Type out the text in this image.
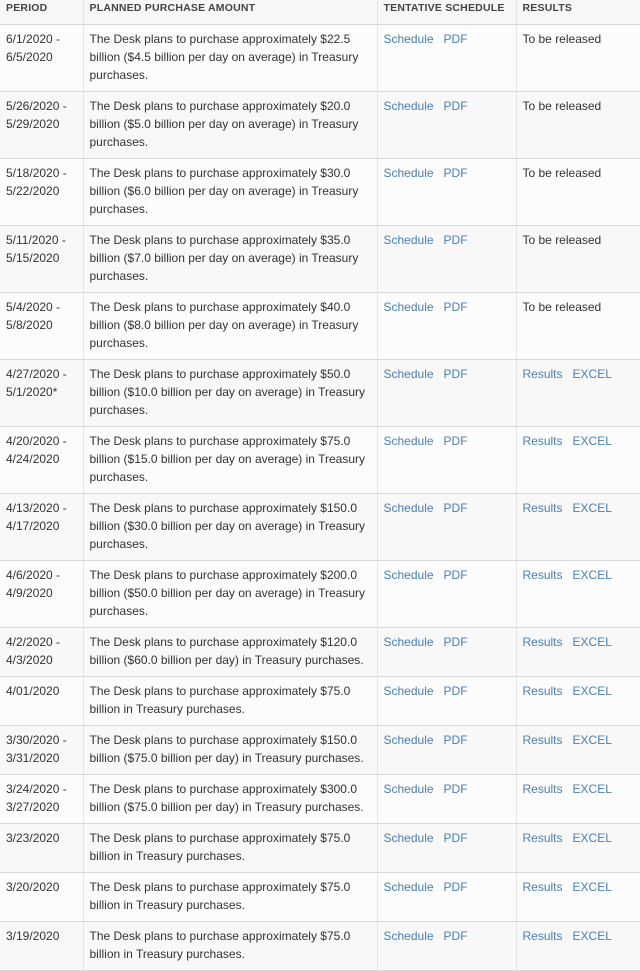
PERIOD	PLANNED PURCHASE AMOUNT	TENTATIVE SCHEDULE	RESULTS
6/1/2020 - 6/5/2020	The Desk plans to purchase approximately $22.5 billion ($4.5 billion per day on average) in Treasury purchases.	Schedule PDF	To be released
5/26/2020 - 5/29/2020	The Desk plans to purchase approximately $20.0 billion ($5.0 billion per day on average) in Treasury purchases.	Schedule PDF	To be released
5/18/2020 - 5/22/2020	The Desk plans to purchase approximately $30.0 billion ($6.0 billion per day on average) in Treasury purchases.	Schedule PDF	To be released
5/11/2020 - 5/15/2020	The Desk plans to purchase approximately $35.0 billion ($7.0 billion per day on average) in Treasury purchases.	Schedule PDF	To be released
5/4/2020 - 5/8/2020	The Desk plans to purchase approximately $40.0 billion ($8.0 billion per day on average) in Treasury purchases.	Schedule PDF	To be released
4/27/2020 - 5/1/2020*	The Desk plans to purchase approximately $50.0 billion ($10.0 billion per day on average) in Treasury purchases.	Schedule PDF	Results EXCEL
4/20/2020 - 4/24/2020	The Desk plans to purchase approximately $75.0 billion ($15.0 billion per day on average) in Treasury purchases.	Schedule PDF	Results EXCEL
4/13/2020 - 4/17/2020	The Desk plans to purchase approximately $150.0 billion ($30.0 billion per day on average) in Treasury purchases.	Schedule PDF	Results EXCEL
4/6/2020 - 4/9/2020	The Desk plans to purchase approximately $200.0 billion ($50.0 billion per day on average) in Treasury purchases.	Schedule PDF	Results EXCEL
4/2/2020 - 4/3/2020	The Desk plans to purchase approximately $120.0 billion ($60.0 billion per day) in Treasury purchases.	Schedule PDF	Results EXCEL
4/01/2020	The Desk plans to purchase approximately $75.0 billion in Treasury purchases.	Schedule PDF	Results EXCEL
3/30/2020 - 3/31/2020	The Desk plans to purchase approximately $150.0 billion ($75.0 billion per day) in Treasury purchases.	Schedule PDF	Results EXCEL
3/24/2020 - 3/27/2020	The Desk plans to purchase approximately $300.0 billion ($75.0 billion per day) in Treasury purchases.	Schedule PDF	Results EXCEL
3/23/2020	The Desk plans to purchase approximately $75.0 billion in Treasury purchases.	Schedule PDF	Results EXCEL
3/20/2020	The Desk plans to purchase approximately $75.0 billion in Treasury purchases.	Schedule PDF	Results EXCEL
3/19/2020	The Desk plans to purchase approximately $75.0 billion in Treasury purchases.	Schedule PDF	Results EXCEL
